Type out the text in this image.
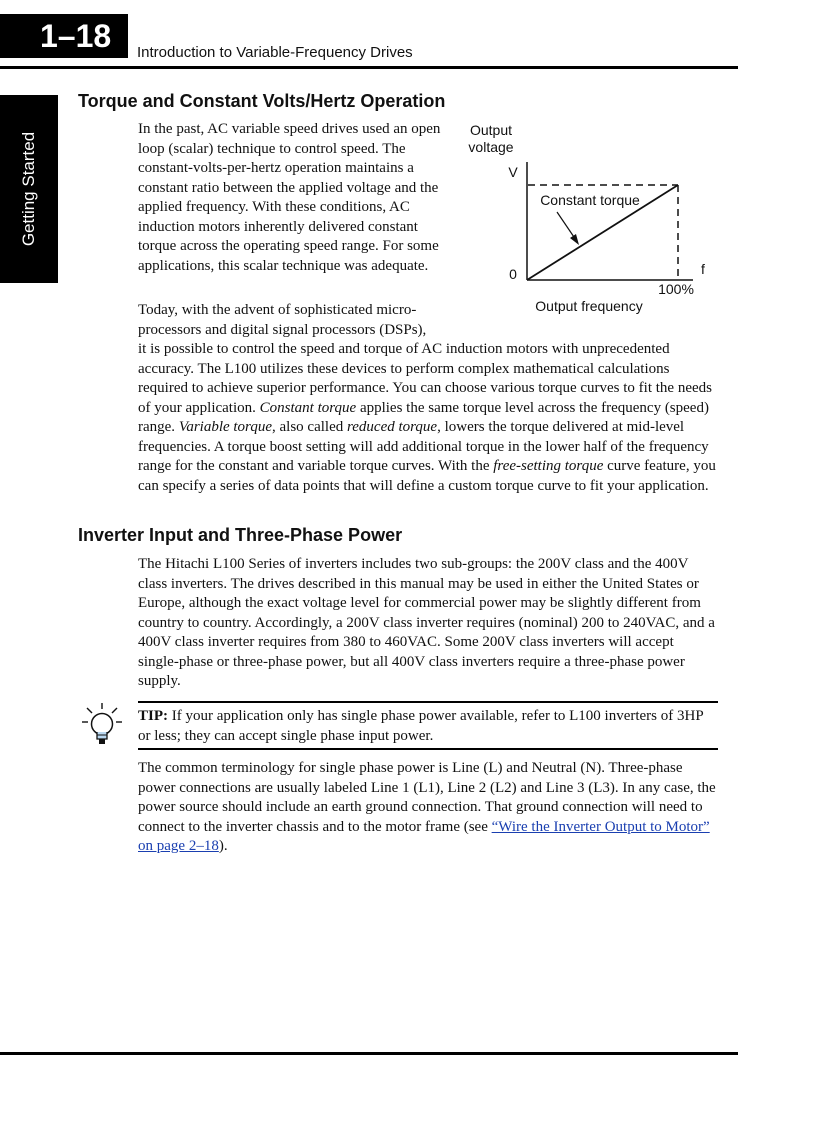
1–18	Introduction to Variable-Frequency Drives
Getting Started
Torque and Constant Volts/Hertz Operation

In the past, AC variable speed drives used an open loop (scalar) technique to control speed. The constant-volts-per-hertz operation maintains a constant ratio between the applied voltage and the applied frequency. With these conditions, AC induction motors inherently delivered constant torque across the operating speed range. For some applications, this scalar technique was adequate.

Today, with the advent of sophisticated micro-processors and digital signal processors (DSPs),

it is possible to control the speed and torque of AC induction motors with unprecedented accuracy. The L100 utilizes these devices to perform complex mathematical calculations required to achieve superior performance. You can choose various torque curves to fit the needs of your application. Constant torque applies the same torque level across the frequency (speed) range. Variable torque, also called reduced torque, lowers the torque delivered at mid-level frequencies. A torque boost setting will add additional torque in the lower half of the frequency range for the constant and variable torque curves. With the free-setting torque curve feature, you can specify a series of data points that will define a custom torque curve to fit your application.

Output
voltage
V
0	f
100%
Output frequency
Constant torque
Inverter Input and Three-Phase Power

The Hitachi L100 Series of inverters includes two sub-groups: the 200V class and the 400V class inverters. The drives described in this manual may be used in either the United States or Europe, although the exact voltage level for commercial power may be slightly different from country to country. Accordingly, a 200V class inverter requires (nominal) 200 to 240VAC, and a 400V class inverter requires from 380 to 460VAC. Some 200V class inverters will accept single-phase or three-phase power, but all 400V class inverters require a three-phase power supply.

TIP: If your application only has single phase power available, refer to L100 inverters of 3HP or less; they can accept single phase input power.

The common terminology for single phase power is Line (L) and Neutral (N). Three-phase power connections are usually labeled Line 1 (L1), Line 2 (L2) and Line 3 (L3). In any case, the power source should include an earth ground connection. That ground connection will need to connect to the inverter chassis and to the motor frame (see “Wire the Inverter Output to Motor” on page 2–18).
